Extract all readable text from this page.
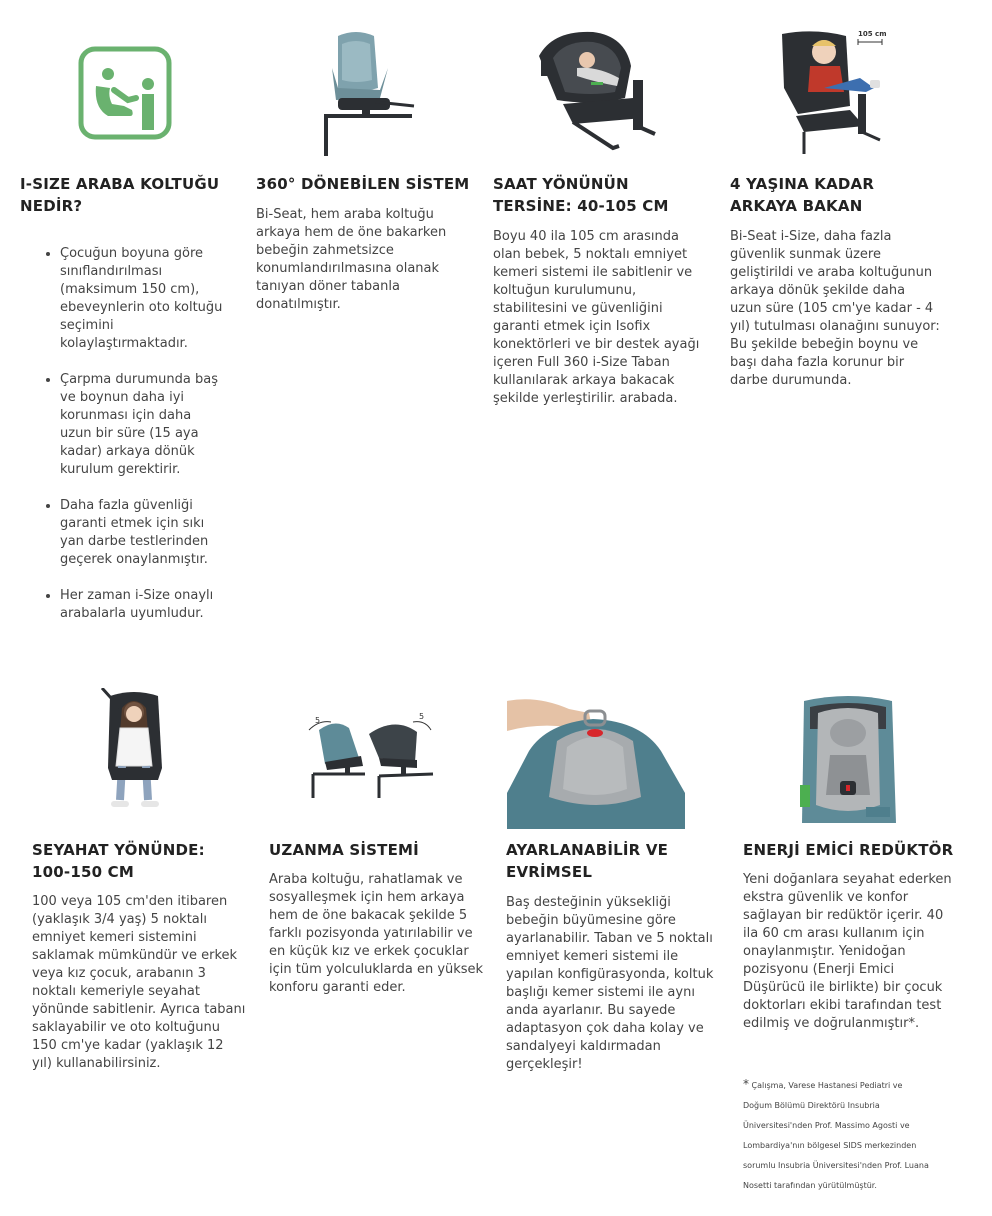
I-SIZE ARABA KOLTUĞU NEDİR?
• Çocuğun boyuna göre sınıflandırılması (maksimum 150 cm), ebeveynlerin oto koltuğu seçimini kolaylaştırmaktadır.
• Çarpma durumunda baş ve boynun daha iyi korunması için daha uzun bir süre (15 aya kadar) arkaya dönük kurulum gerektirir.
• Daha fazla güvenliği garanti etmek için sıkı yan darbe testlerinden geçerek onaylanmıştır.
• Her zaman i-Size onaylı arabalarla uyumludur.
360° DÖNEBİLEN SİSTEM
Bi-Seat, hem araba koltuğu arkaya hem de öne bakarken bebeğin zahmetsizce konumlandırılmasına olanak tanıyan döner tabanla donatılmıştır.
SAAT YÖNÜNÜN TERSİNE: 40-105 CM
Boyu 40 ila 105 cm arasında olan bebek, 5 noktalı emniyet kemeri sistemi ile sabitlenir ve koltuğun kurulumunu, stabilitesini ve güvenliğini garanti etmek için Isofix konektörleri ve bir destek ayağı içeren Full 360 i-Size Taban kullanılarak arkaya bakacak şekilde yerleştirilir. arabada.
105 cm
4 YAŞINA KADAR ARKAYA BAKAN
Bi-Seat i-Size, daha fazla güvenlik sunmak üzere geliştirildi ve araba koltuğunun arkaya dönük şekilde daha uzun süre (105 cm'ye kadar - 4 yıl) tutulması olanağını sunuyor: Bu şekilde bebeğin boynu ve başı daha fazla korunur bir darbe durumunda.
SEYAHAT YÖNÜNDE: 100-150 CM
100 veya 105 cm'den itibaren (yaklaşık 3/4 yaş) 5 noktalı emniyet kemeri sistemini saklamak mümkündür ve erkek veya kız çocuk, arabanın 3 noktalı kemeriyle seyahat yönünde sabitlenir. Ayrıca tabanı saklayabilir ve oto koltuğunu 150 cm'ye kadar (yaklaşık 12 yıl) kullanabilirsiniz.
5	5
UZANMA SİSTEMİ
Araba koltuğu, rahatlamak ve sosyalleşmek için hem arkaya hem de öne bakacak şekilde 5 farklı pozisyonda yatırılabilir ve en küçük kız ve erkek çocuklar için tüm yolculuklarda en yüksek konforu garanti eder.
AYARLANABİLİR VE EVRİMSEL
Baş desteğinin yüksekliği bebeğin büyümesine göre ayarlanabilir. Taban ve 5 noktalı emniyet kemeri sistemi ile yapılan konfigürasyonda, koltuk başlığı kemer sistemi ile aynı anda ayarlanır. Bu sayede adaptasyon çok daha kolay ve sandalyeyi kaldırmadan gerçekleşir!
ENERJİ EMİCİ REDÜKTÖR
Yeni doğanlara seyahat ederken ekstra güvenlik ve konfor sağlayan bir redüktör içerir. 40 ila 60 cm arası kullanım için onaylanmıştır. Yenidoğan pozisyonu (Enerji Emici Düşürücü ile birlikte) bir çocuk doktorları ekibi tarafından test edilmiş ve doğrulanmıştır*.
* Çalışma, Varese Hastanesi Pediatri ve
Doğum Bölümü Direktörü Insubria
Üniversitesi'nden Prof. Massimo Agosti ve
Lombardiya'nın bölgesel SIDS merkezinden
sorumlu Insubria Üniversitesi'nden Prof. Luana
Nosetti tarafından yürütülmüştür.
